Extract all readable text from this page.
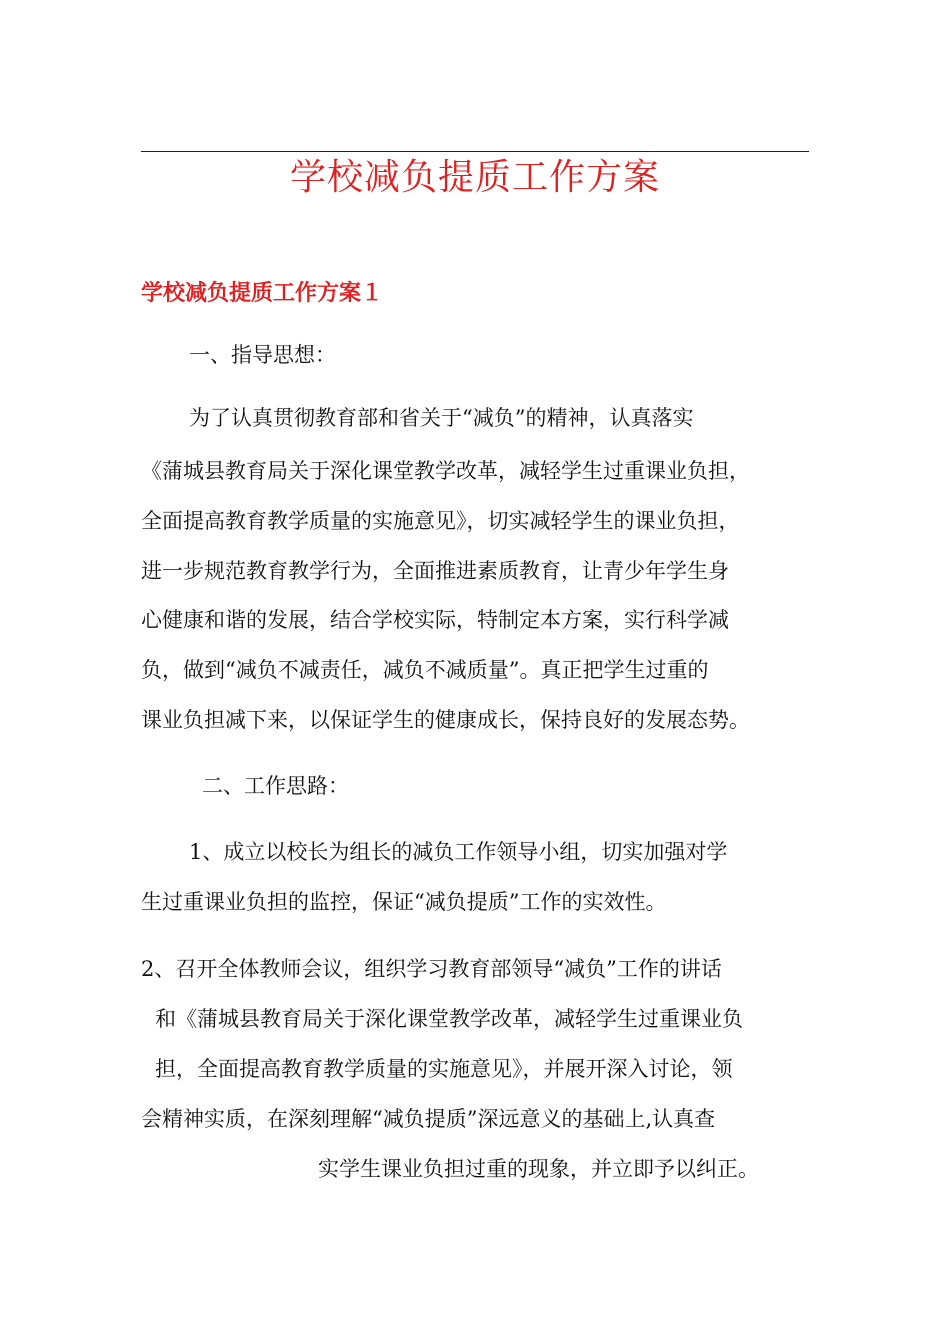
学校减负提质工作方案
学校减负提质工作方案１

一、指导思想：

为了认真贯彻教育部和省关于“减负”的精神，认真落实

《蒲城县教育局关于深化课堂教学改革，减轻学生过重课业负担，

全面提高教育教学质量的实施意见》，切实减轻学生的课业负担，

进一步规范教育教学行为，全面推进素质教育，让青少年学生身

心健康和谐的发展，结合学校实际，特制定本方案，实行科学减

负，做到“减负不减责任，减负不减质量”。真正把学生过重的

课业负担减下来，以保证学生的健康成长，保持良好的发展态势。

二、工作思路：

1、成立以校长为组长的减负工作领导小组，切实加强对学

生过重课业负担的监控，保证“减负提质”工作的实效性。

2、召开全体教师会议，组织学习教育部领导“减负”工作的讲话

和《蒲城县教育局关于深化课堂教学改革，减轻学生过重课业负

担，全面提高教育教学质量的实施意见》，并展开深入讨论，领

会精神实质，在深刻理解“减负提质”深远意义的基础上,认真查

实学生课业负担过重的现象，并立即予以纠正。
